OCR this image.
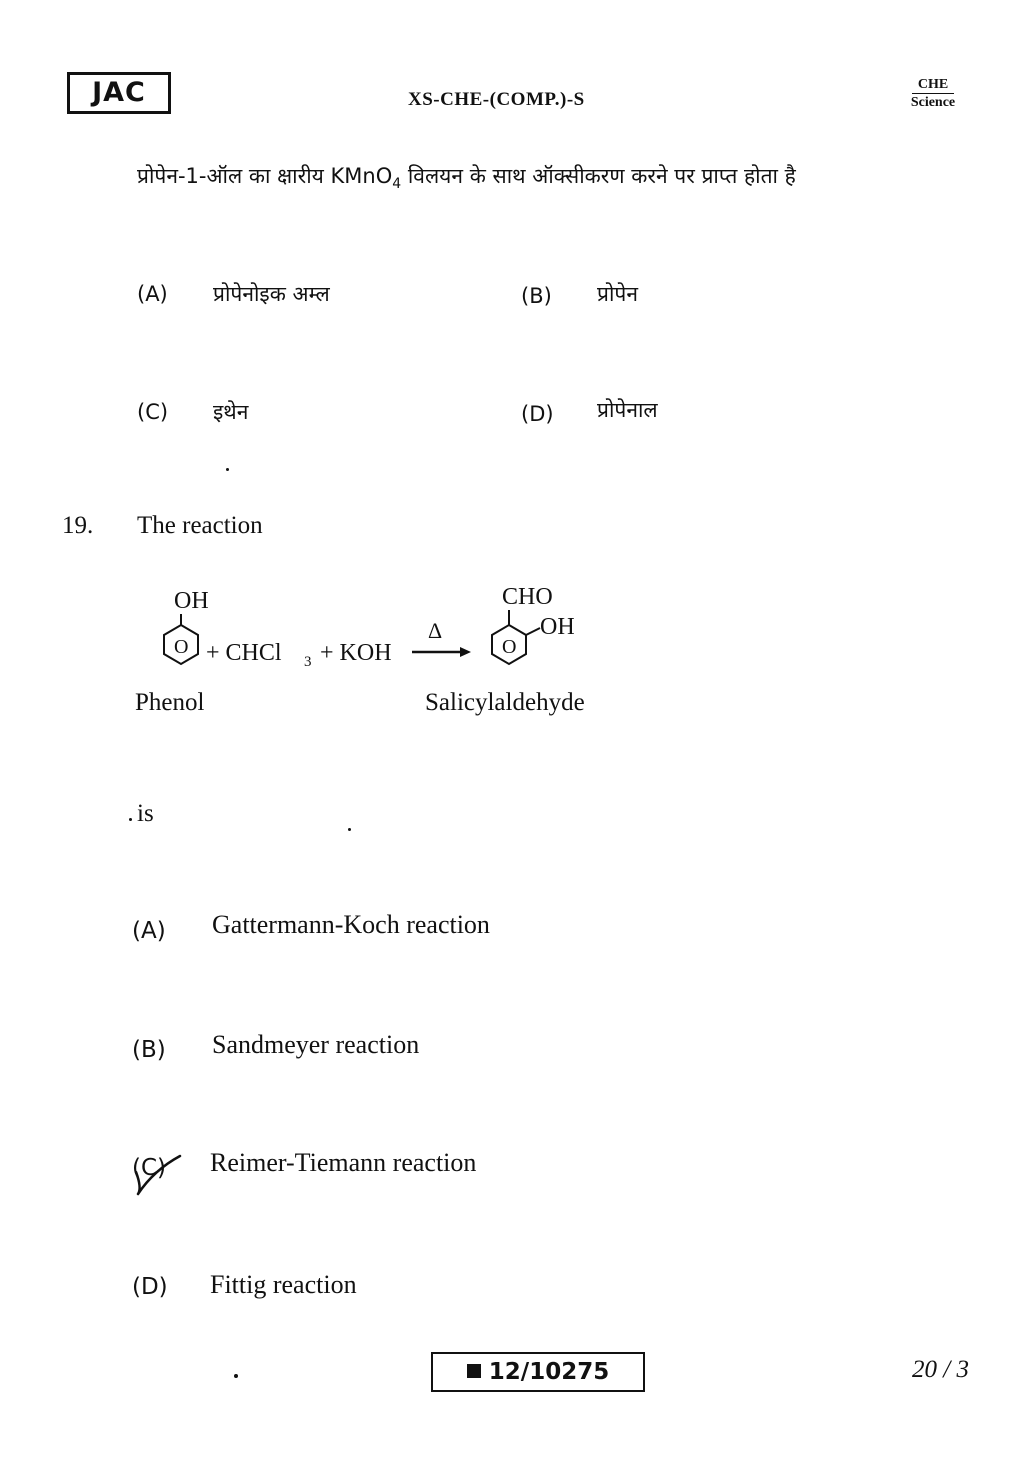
JAC	XS-CHE-(COMP.)-S
CHE
Science
प्रोपेन-1-ऑल का क्षारीय KMnO$_4$ विलयन के साथ ऑक्सीकरण करने पर प्राप्त होता है
(A) प्रोपेनोइक अम्ल	(B) प्रोपेन
(C) इथेन	(D) प्रोपेनाल
19. The reaction
OH
O + CHCl 3 + KOH
Δ
CHO
O
OH
Phenol	Salicylaldehyde
is
(A) Gattermann-Koch reaction
(B) Sandmeyer reaction
(C) Reimer-Tiemann reaction
(D) Fittig reaction
12/10275	20 / 3
